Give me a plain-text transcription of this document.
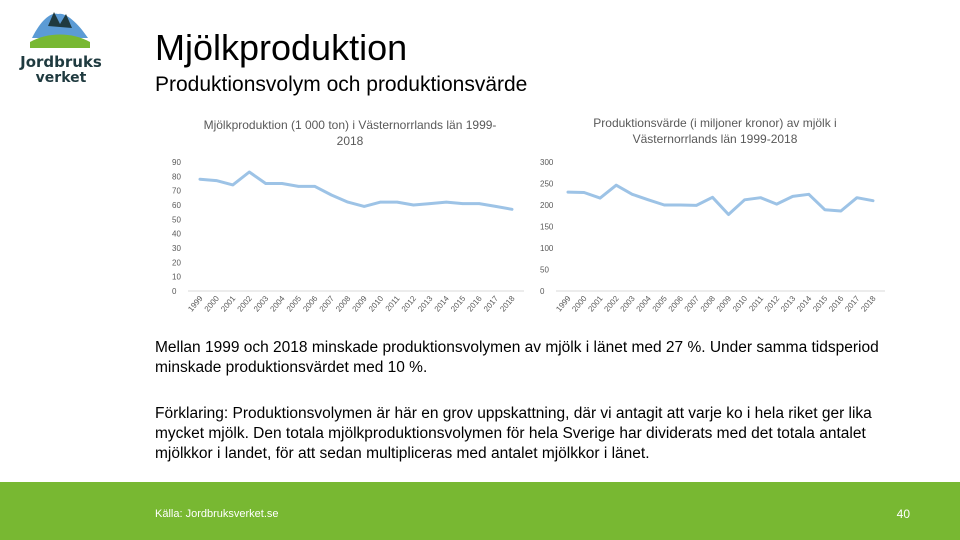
Jordbruks
verket
Mjölkproduktion
Produktionsvolym och produktionsvärde
Mjölkproduktion (1 000 ton) i Västernorrlands län 1999-2018
Produktionsvärde (i miljoner kronor) av mjölk i Västernorrlands län 1999-2018
0
10
20
30
40
50
60
70
80
90
1999
2000
2001
2002
2003
2004
2005
2006
2007
2008
2009
2010
2011
2012
2013
2014
2015
2016
2017
2018
0
50
100
150
200
250
300
1999
2000
2001
2002
2003
2004
2005
2006
2007
2008
2009
2010
2011
2012
2013
2014
2015
2016
2017
2018
Mellan 1999 och 2018 minskade produktionsvolymen av mjölk i länet med 27 %. Under samma tidsperiod minskade produktionsvärdet med 10 %.
Förklaring: Produktionsvolymen är här en grov uppskattning, där vi antagit att varje ko i hela riket ger lika mycket mjölk. Den totala mjölkproduktionsvolymen för hela Sverige har dividerats med det totala antalet mjölkkor i landet, för att sedan multipliceras med antalet mjölkkor i länet.
Källa: Jordbruksverket.se	40
